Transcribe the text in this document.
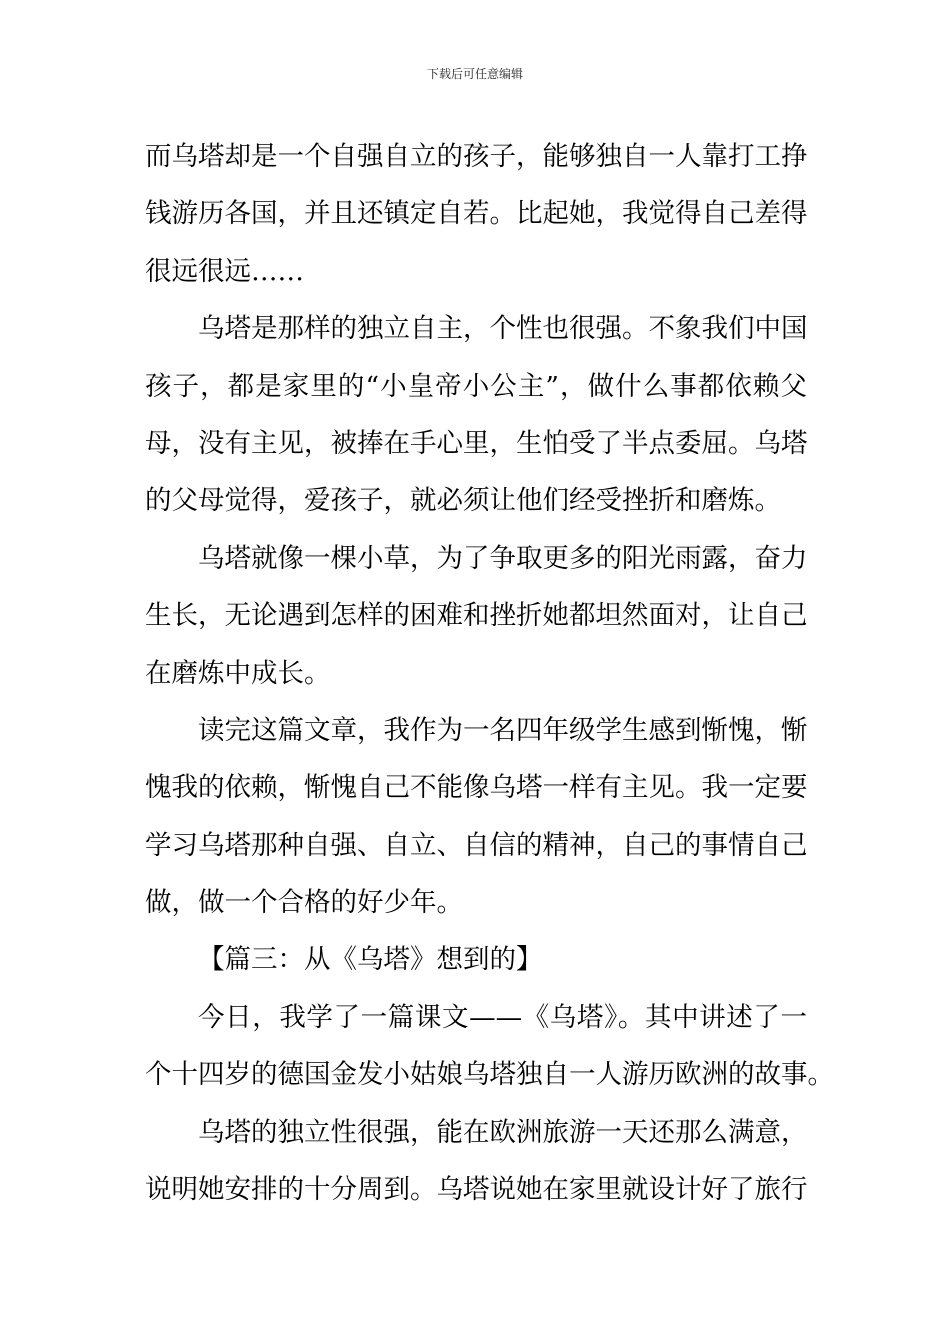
下载后可任意编辑
而乌塔却是一个自强自立的孩子，能够独自一人靠打工挣
钱游历各国，并且还镇定自若。比起她，我觉得自己差得
很远很远……
乌塔是那样的独立自主，个性也很强。不象我们中国
孩子，都是家里的“小皇帝小公主”，做什么事都依赖父
母，没有主见，被捧在手心里，生怕受了半点委屈。乌塔
的父母觉得，爱孩子，就必须让他们经受挫折和磨炼。
乌塔就像一棵小草，为了争取更多的阳光雨露，奋力
生长，无论遇到怎样的困难和挫折她都坦然面对，让自己
在磨炼中成长。
读完这篇文章，我作为一名四年级学生感到惭愧，惭
愧我的依赖，惭愧自己不能像乌塔一样有主见。我一定要
学习乌塔那种自强、自立、自信的精神，自己的事情自己
做，做一个合格的好少年。
【篇三：从《乌塔》想到的】
今日，我学了一篇课文——《乌塔》。其中讲述了一
个十四岁的德国金发小姑娘乌塔独自一人游历欧洲的故事。
乌塔的独立性很强，能在欧洲旅游一天还那么满意，
说明她安排的十分周到。乌塔说她在家里就设计好了旅行
